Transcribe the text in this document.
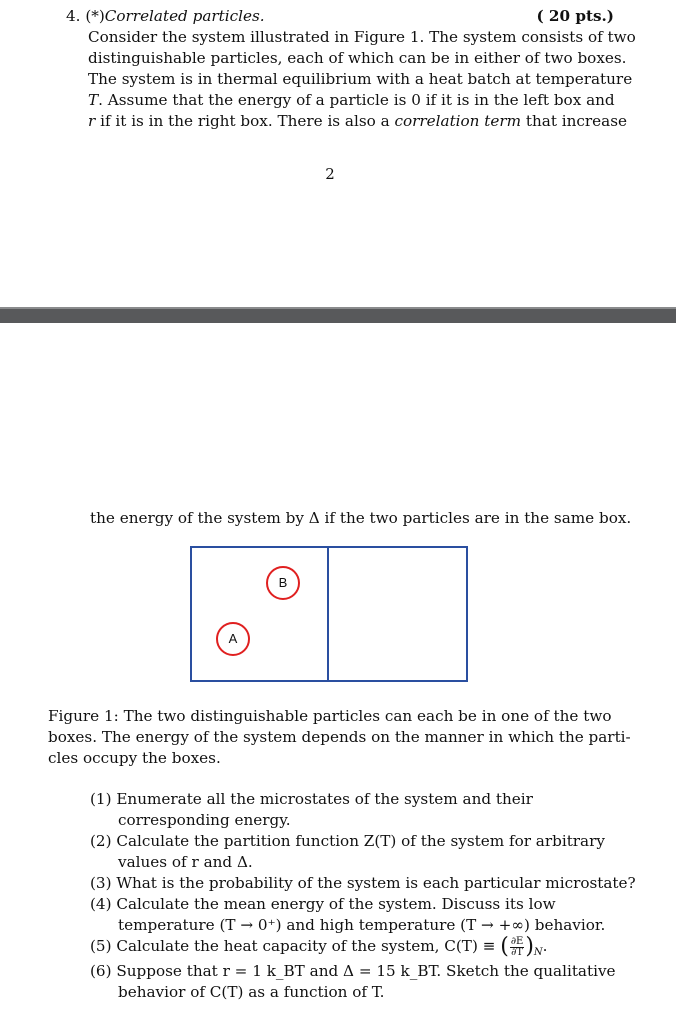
4. (*)Correlated particles.	( 20 pts.)
Consider the system illustrated in Figure 1. The system consists of two
distinguishable particles, each of which can be in either of two boxes.
The system is in thermal equilibrium with a heat batch at temperature
T. Assume that the energy of a particle is 0 if it is in the left box and
r if it is in the right box. There is also a correlation term that increase
2
the energy of the system by Δ if the two particles are in the same box.
B
A
Figure 1: The two distinguishable particles can each be in one of the two
boxes. The energy of the system depends on the manner in which the parti-
cles occupy the boxes.
(1) Enumerate all the microstates of the system and their
corresponding energy.
(2) Calculate the partition function Z(T) of the system for arbitrary
values of r and Δ.
(3) What is the probability of the system is each particular microstate?
(4) Calculate the mean energy of the system. Discuss its low
temperature (T → 0⁺) and high temperature (T → +∞) behavior.
(5) Calculate the heat capacity of the system, C(T) ≡ ( $\frac{\partial E}{\partial T} )_N$.
(6) Suppose that r = 1 k_BT and Δ = 15 k_BT. Sketch the qualitative
behavior of C(T) as a function of T.
